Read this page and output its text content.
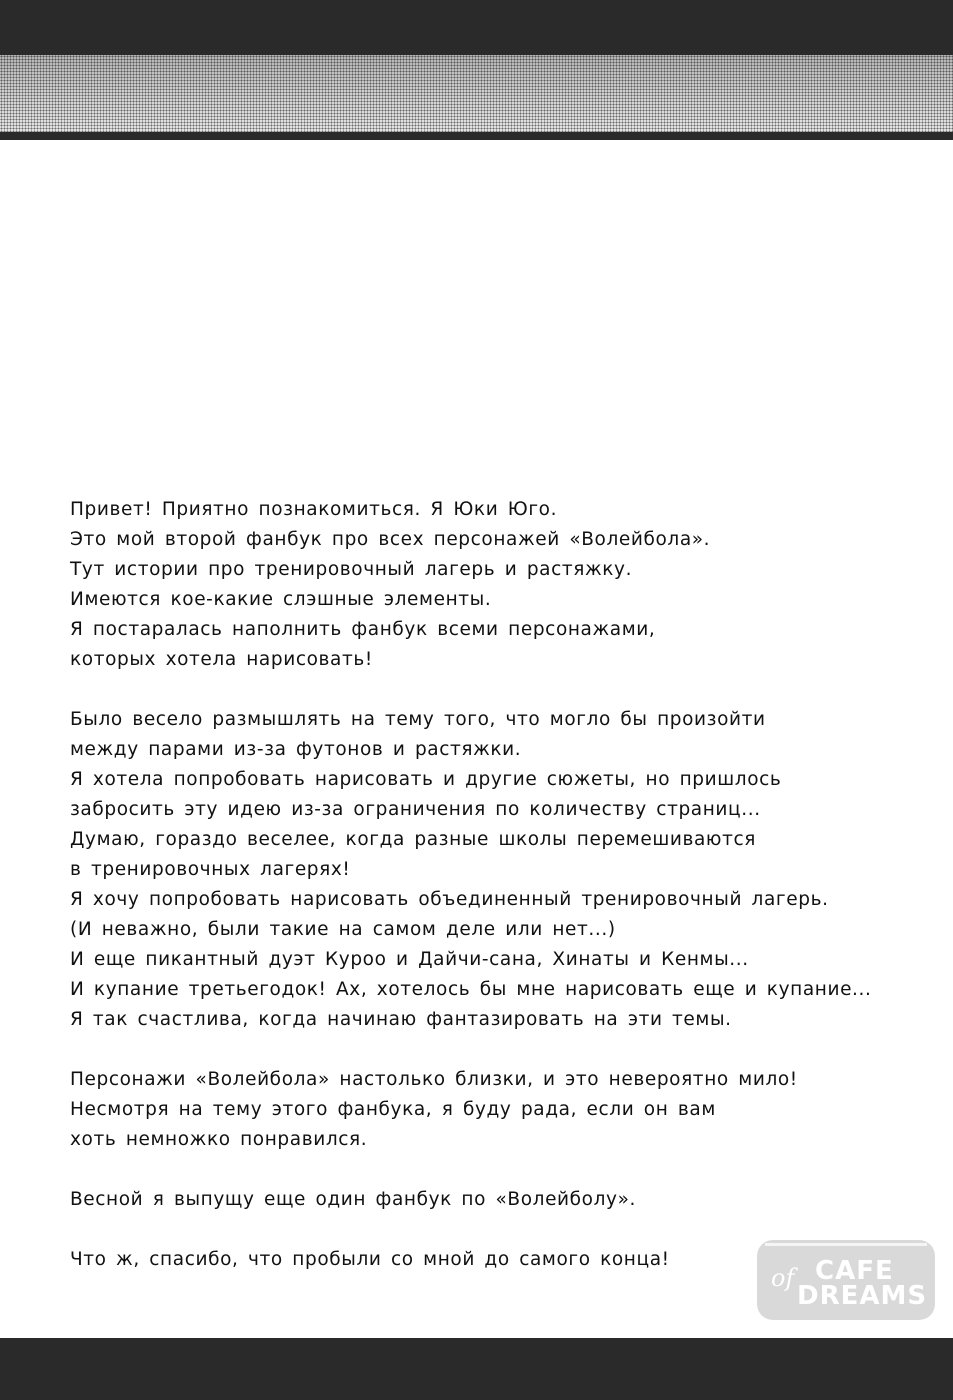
Привет! Приятно познакомиться. Я Юки Юго.
Это мой второй фанбук про всех персонажей «Волейбола».
Тут истории про тренировочный лагерь и растяжку.
Имеются кое-какие слэшные элементы.
Я постаралась наполнить фанбук всеми персонажами,
которых хотела нарисовать!
Было весело размышлять на тему того, что могло бы произойти
между парами из-за футонов и растяжки.
Я хотела попробовать нарисовать и другие сюжеты, но пришлось
забросить эту идею из-за ограничения по количеству страниц...
Думаю, гораздо веселее, когда разные школы перемешиваются
в тренировочных лагерях!
Я хочу попробовать нарисовать объединенный тренировочный лагерь.
(И неважно, были такие на самом деле или нет...)
И еще пикантный дуэт Куроо и Дайчи-сана, Хинаты и Кенмы...
И купание третьегодок! Ах, хотелось бы мне нарисовать еще и купание...
Я так счастлива, когда начинаю фантазировать на эти темы.
Персонажи «Волейбола» настолько близки, и это невероятно мило!
Несмотря на тему этого фанбука, я буду рада, если он вам
хоть немножко понравился.
Весной я выпущу еще один фанбук по «Волейболу».
Что ж, спасибо, что пробыли со мной до самого конца!
of CAFE
DREAMS
